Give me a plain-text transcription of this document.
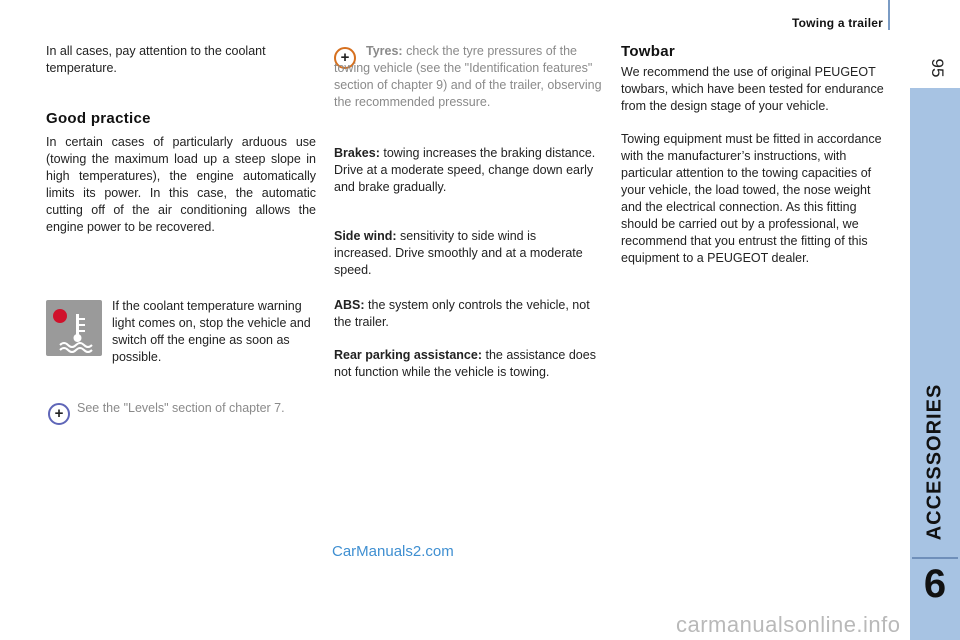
Towing a trailer
95
ACCESSORIES
6
In all cases, pay attention to the coolant temperature.
Good practice
In certain cases of particularly arduous use (towing the maximum load up a steep slope in high temperatures), the engine automatically limits its power. In this case, the automatic cutting off of the air conditioning allows the engine power to be recovered.
If the coolant temperature warning light comes on, stop the vehicle and switch off the engine as soon as possible.
+ See the "Levels" section of chapter 7.
+	Tyres: check the tyre pressures of the towing vehicle (see the "Identification features" section of chapter 9) and of the trailer, observing the recommended pressure.
Brakes: towing increases the braking distance. Drive at a moderate speed, change down early and brake gradually.
Side wind: sensitivity to side wind is increased. Drive smoothly and at a moderate speed.
ABS: the system only controls the vehicle, not the trailer.
Rear parking assistance: the assistance does not function while the vehicle is towing.
Towbar
We recommend the use of original PEUGEOT towbars, which have been tested for endurance from the design stage of your vehicle.
Towing equipment must be fitted in accordance with the manufacturer’s instructions, with particular attention to the towing capacities of your vehicle, the load towed, the nose weight and the electrical connection. As this fitting should be carried out by a professional, we recommend that you entrust the fitting of this equipment to a PEUGEOT dealer.
CarManuals2.com
carmanualsonline.info
